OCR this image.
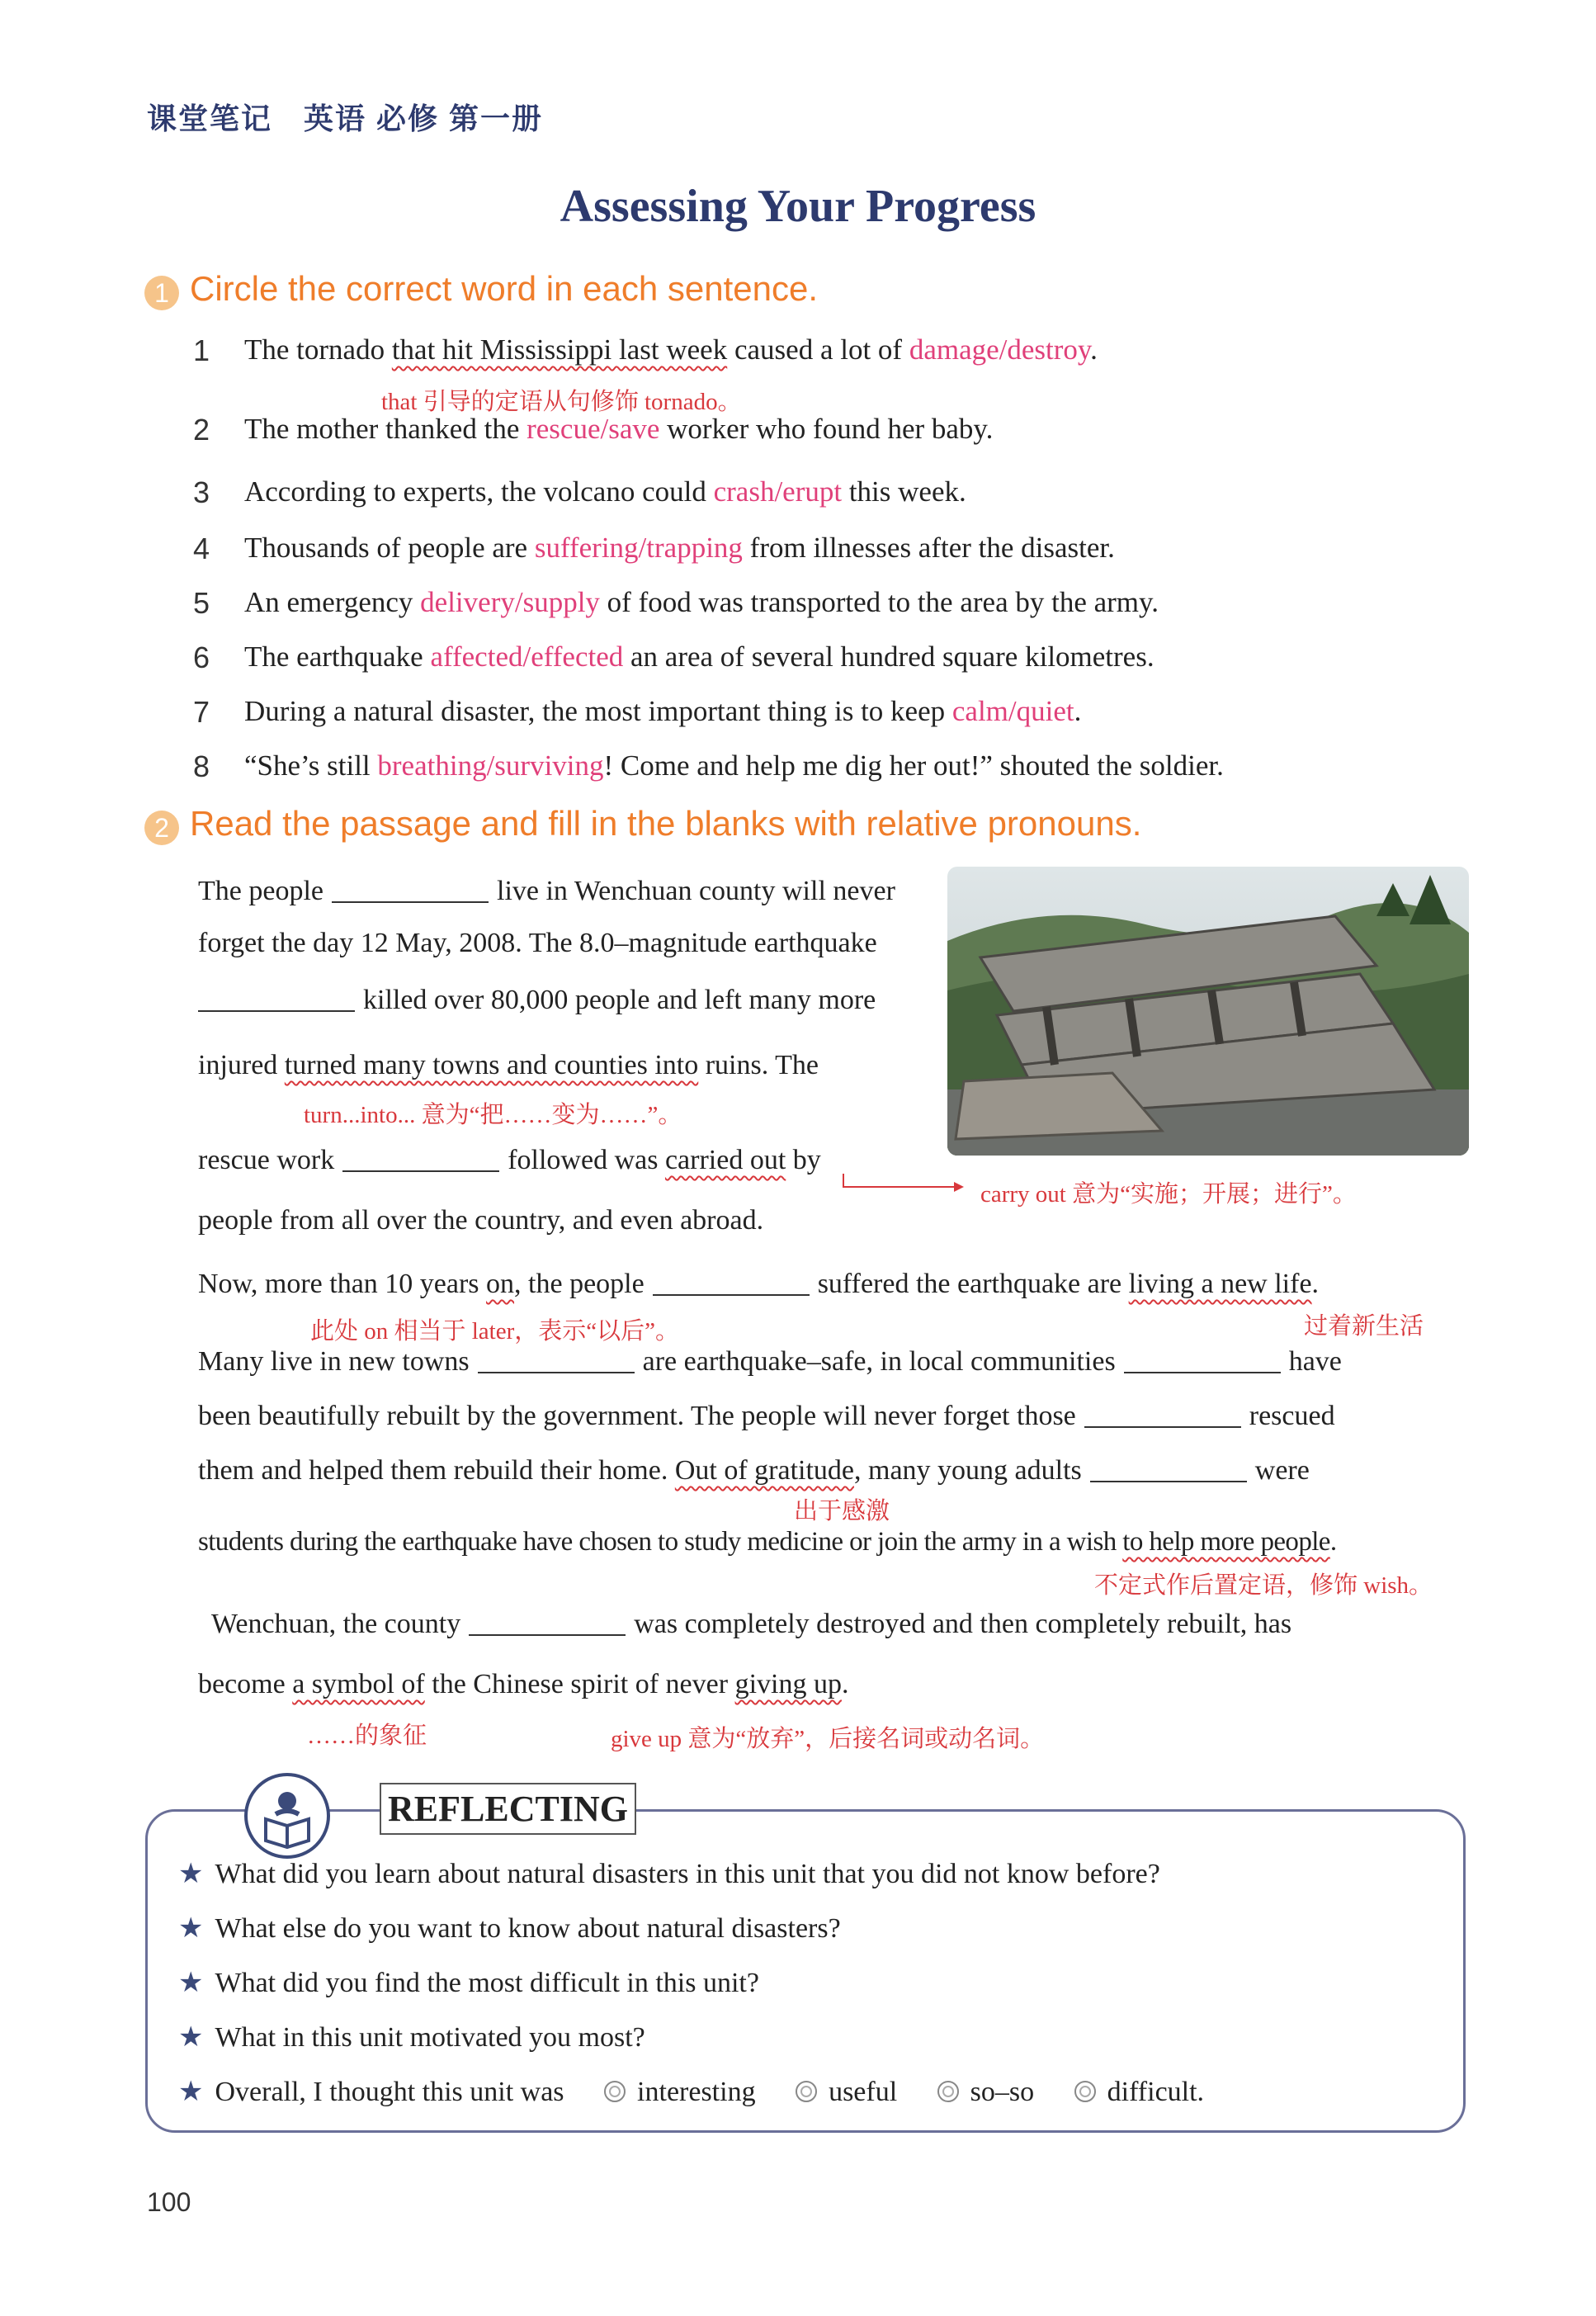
课堂笔记　英语 必修 第一册
Assessing Your Progress
1 Circle the correct word in each sentence.
1 The tornado that hit Mississippi last week caused a lot of damage/destroy.
that 引导的定语从句修饰 tornado。
2 The mother thanked the rescue/save worker who found her baby.
3 According to experts, the volcano could crash/erupt this week.
4 Thousands of people are suffering/trapping from illnesses after the disaster.
5 An emergency delivery/supply of food was transported to the area by the army.
6 The earthquake affected/effected an area of several hundred square kilometres.
7 During a natural disaster, the most important thing is to keep calm/quiet.
8 “She’s still breathing/surviving! Come and help me dig her out!” shouted the soldier.
2 Read the passage and fill in the blanks with relative pronouns.
The people	live in Wenchuan county will never
forget the day 12 May, 2008. The 8.0–magnitude earthquake
killed over 80,000 people and left many more
injured turned many towns and counties into ruins. The
turn...into... 意为“把……变为……”。
rescue work	followed was carried out by
carry out 意为“实施；开展；进行”。
people from all over the country, and even abroad.
Now, more than 10 years on, the people	suffered the earthquake are living a new life.
此处 on 相当于 later，表示“以后”。	过着新生活
Many live in new towns	are earthquake–safe, in local communities	have
been beautifully rebuilt by the government. The people will never forget those	rescued
them and helped them rebuild their home. Out of gratitude, many young adults	were
出于感激
students during the earthquake have chosen to study medicine or join the army in a wish to help more people.
不定式作后置定语，修饰 wish。
Wenchuan, the county	was completely destroyed and then completely rebuilt, has
become a symbol of the Chinese spirit of never giving up.
……的象征	give up 意为“放弃”，后接名词或动名词。
REFLECTING
★ What did you learn about natural disasters in this unit that you did not know before?
★ What else do you want to know about natural disasters?
★ What did you find the most difficult in this unit?
★ What in this unit motivated you most?
★ Overall, I thought this unit was	interesting	useful	so–so	difficult.
100
